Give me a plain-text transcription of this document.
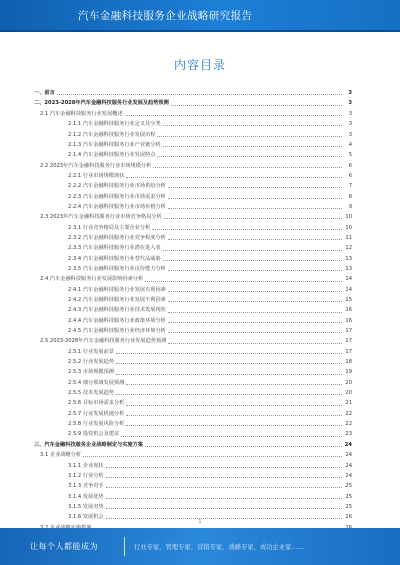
汽车金融科技服务企业战略研究报告
内容目录
一、前言	3
二、2023-2028年汽车金融科技服务行业发展及趋势预测	3
2.1 汽车金融科技服务行业发展概述	3
2.1.1 汽车金融科技服务行业定义及分类	3
2.1.2 汽车金融科技服务行业发展历程	3
2.1.3 汽车金融科技服务行业产业链分析	4
2.1.4 汽车金融科技服务行业发展特点	5
2.2 2023年汽车金融科技服务行业市场规模分析	6
2.2.1 行业市场规模现状	6
2.2.2 汽车金融科技服务行业市场供给分析	7
2.2.3 汽车金融科技服务行业市场需求分析	8
2.2.4 汽车金融科技服务行业市场价格分析	9
2.3 2023年汽车金融科技服务行业市场竞争格局分析	10
2.3.1 行业竞争格局及主要企业分析	10
2.3.2 汽车金融科技服务行业竞争程度分析	11
2.3.3 汽车金融科技服务行业潜在进入者	12
2.3.4 汽车金融科技服务行业替代品威胁	13
2.3.5 汽车金融科技服务行业议价能力分析	13
2.4 汽车金融科技服务行业发展影响因素分析	14
2.4.1 汽车金融科技服务行业发展有利因素	14
2.4.2 汽车金融科技服务行业发展不利因素	15
2.4.3 汽车金融科技服务行业技术发展现状	16
2.4.4 汽车金融科技服务行业政策环境分析	16
2.4.5 汽车金融科技服务行业经济环境分析	17
2.5 2023-2028年汽车金融科技服务行业发展趋势预测	17
2.5.1 行业发展前景	17
2.5.2 行业发展趋势	18
2.5.3 市场规模预测	19
2.5.4 细分领域发展预测	20
2.5.5 技术发展趋势	20
2.5.6 目标市场需求分析	21
2.5.7 行业发展机遇分析	22
2.5.8 行业发展风险分析	22
2.5.9 投资机会及建议	23
三、汽车金融科技服务企业战略制定与实施方案	24
3.1 企业战略分析	24
3.1.1 企业现状	24
3.1.2 行业分析	24
3.1.3 竞争对手	25
3.1.4 发展优势	25
3.1.5 发展劣势	25
3.1.6 发展机会	26
1
让每个人都能成为	行业专家、管理专家、营销专家、战略专家、成功企业家……
